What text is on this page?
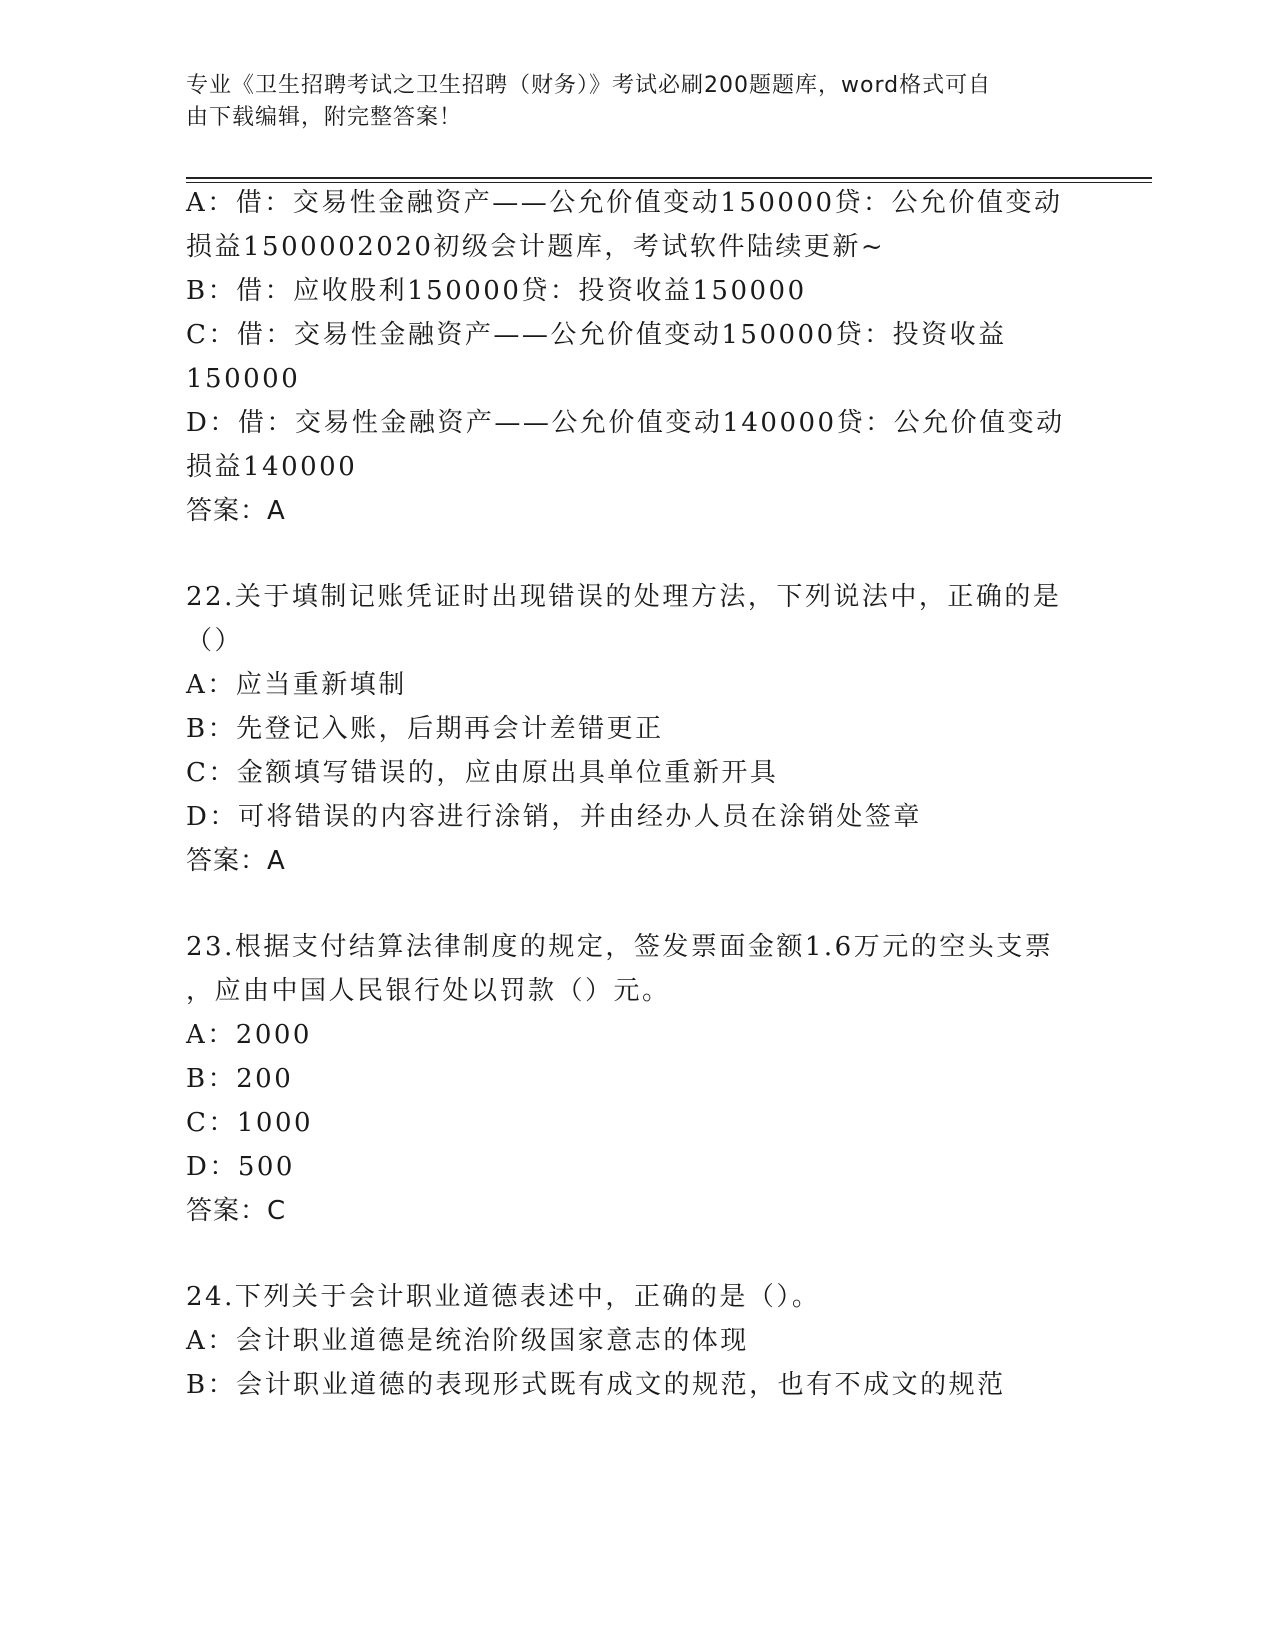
专业《卫生招聘考试之卫生招聘（财务）》考试必刷200题题库，word格式可自
由下载编辑，附完整答案！
A：借：交易性金融资产——公允价值变动150000贷：公允价值变动
损益1500002020初级会计题库，考试软件陆续更新~
B：借：应收股利150000贷：投资收益150000
C：借：交易性金融资产——公允价值变动150000贷：投资收益
150000
D：借：交易性金融资产——公允价值变动140000贷：公允价值变动
损益140000
答案：A
22.关于填制记账凭证时出现错误的处理方法，下列说法中，正确的是
（）
A：应当重新填制
B：先登记入账，后期再会计差错更正
C：金额填写错误的，应由原出具单位重新开具
D：可将错误的内容进行涂销，并由经办人员在涂销处签章
答案：A
23.根据支付结算法律制度的规定，签发票面金额1.6万元的空头支票
，应由中国人民银行处以罚款（）元。
A：2000
B：200
C：1000
D：500
答案：C
24.下列关于会计职业道德表述中，正确的是（）。
A：会计职业道德是统治阶级国家意志的体现
B：会计职业道德的表现形式既有成文的规范，也有不成文的规范
